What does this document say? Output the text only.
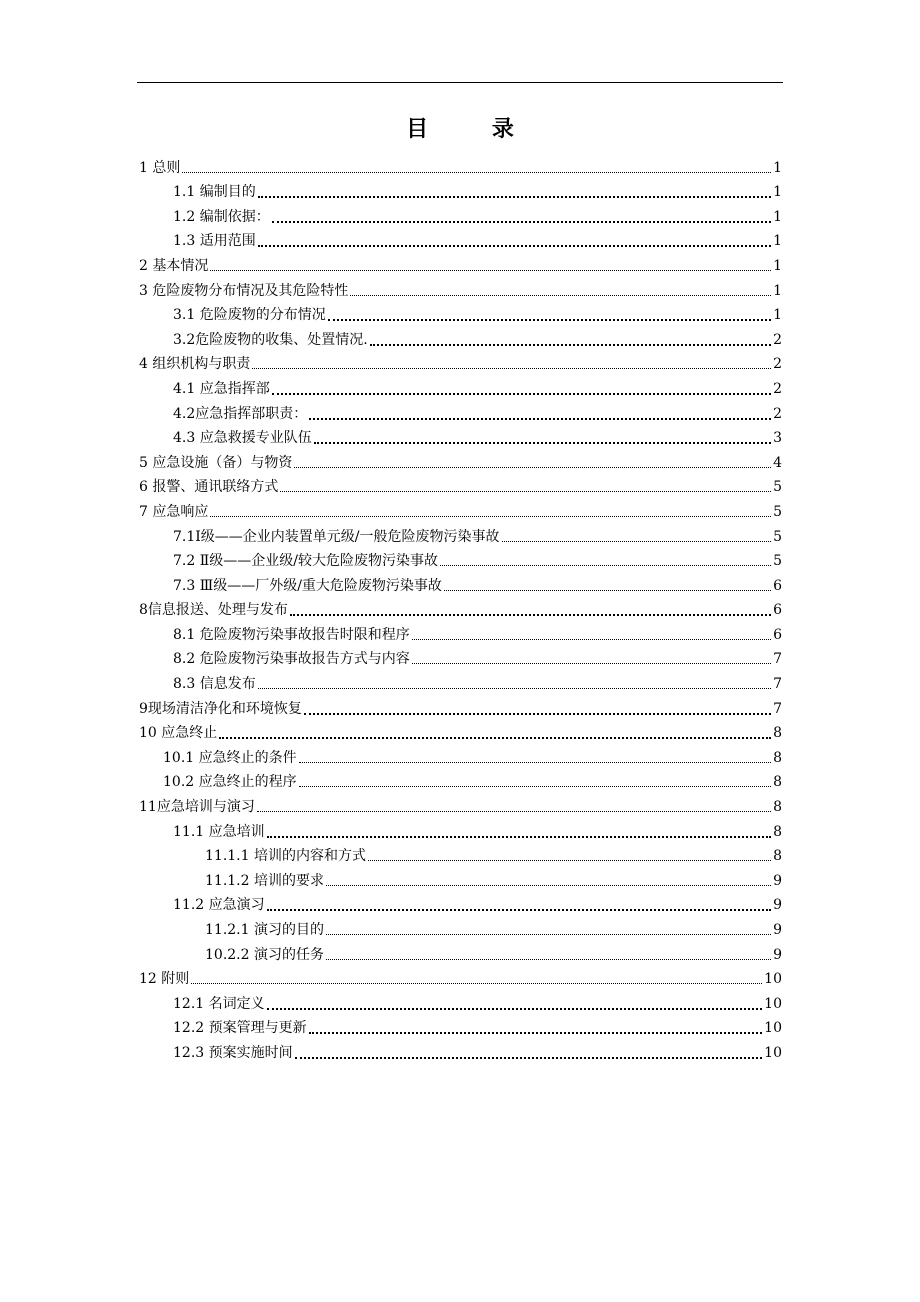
目 录
1 总则	1
1.1 编制目的	1
1.2 编制依据：	1
1.3 适用范围	1
2 基本情况	1
3 危险废物分布情况及其危险特性	1
3.1 危险废物的分布情况	1
3.2危险废物的收集、处置情况.	2
4 组织机构与职责	2
4.1 应急指挥部	2
4.2应急指挥部职责：	2
4.3 应急救援专业队伍	3
5 应急设施（备）与物资	4
6 报警、通讯联络方式	5
7 应急响应	5
7.1Ⅰ级——企业内装置单元级/一般危险废物污染事故	5
7.2 Ⅱ级——企业级/较大危险废物污染事故	5
7.3 Ⅲ级——厂外级/重大危险废物污染事故	6
8信息报送、处理与发布	6
8.1 危险废物污染事故报告时限和程序	6
8.2 危险废物污染事故报告方式与内容	7
8.3 信息发布	7
9现场清洁净化和环境恢复	7
10 应急终止	8
10.1 应急终止的条件	8
10.2 应急终止的程序	8
11应急培训与演习	8
11.1 应急培训	8
11.1.1 培训的内容和方式	8
11.1.2 培训的要求	9
11.2 应急演习	9
11.2.1 演习的目的	9
10.2.2 演习的任务	9
12 附则	10
12.1 名词定义	10
12.2 预案管理与更新	10
12.3 预案实施时间	10
